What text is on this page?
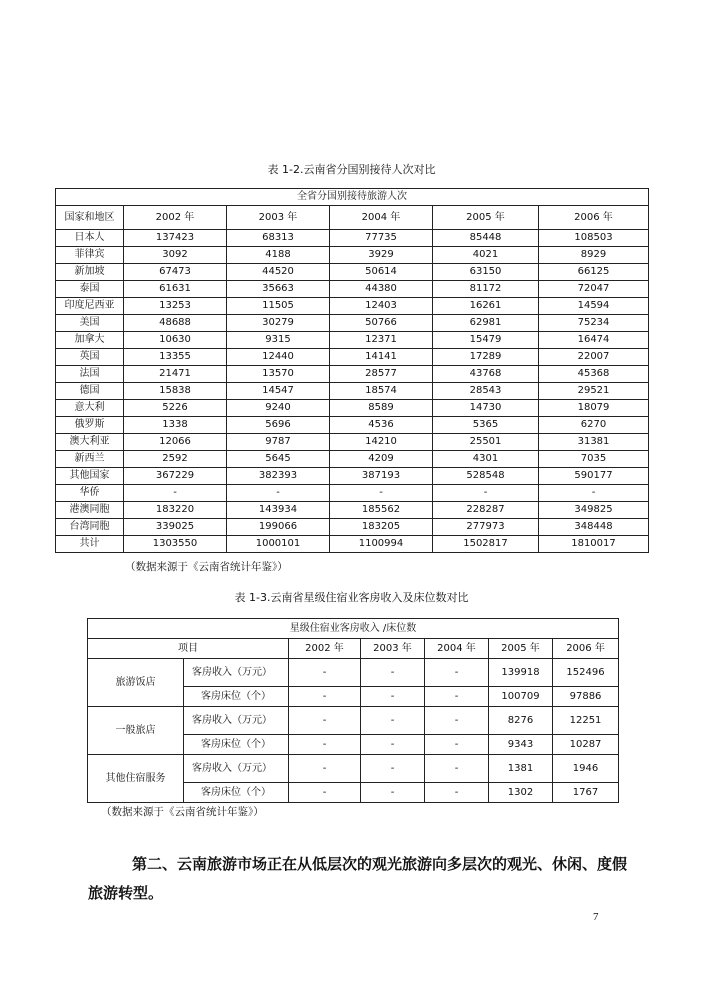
表 1-2.云南省分国别接待人次对比
全省分国别接待旅游人次					
国家和地区	2002 年	2003 年	2004 年	2005 年	2006 年
日本人	137423	68313	77735	85448	108503
菲律宾	3092	4188	3929	4021	8929
新加坡	67473	44520	50614	63150	66125
泰国	61631	35663	44380	81172	72047
印度尼西亚	13253	11505	12403	16261	14594
美国	48688	30279	50766	62981	75234
加拿大	10630	9315	12371	15479	16474
英国	13355	12440	14141	17289	22007
法国	21471	13570	28577	43768	45368
德国	15838	14547	18574	28543	29521
意大利	5226	9240	8589	14730	18079
俄罗斯	1338	5696	4536	5365	6270
澳大利亚	12066	9787	14210	25501	31381
新西兰	2592	5645	4209	4301	7035
其他国家	367229	382393	387193	528548	590177
华侨	-	-	-	-	-
港澳同胞	183220	143934	185562	228287	349825
台湾同胞	339025	199066	183205	277973	348448
共计	1303550	1000101	1100994	1502817	1810017
（数据来源于《云南省统计年鉴》）
表 1-3.云南省星级住宿业客房收入及床位数对比
星级住宿业客房收入 /床位数						
项目		2002 年	2003 年	2004 年	2005 年	2006 年
旅游饭店	客房收入（万元）	-	-	-	139918	152496
	客房床位（个）	-	-	-	100709	97886
一般旅店	客房收入（万元）	-	-	-	8276	12251
	客房床位（个）	-	-	-	9343	10287
其他住宿服务	客房收入（万元）	-	-	-	1381	1946
	客房床位（个）	-	-	-	1302	1767
（数据来源于《云南省统计年鉴》）
第二、云南旅游市场正在从低层次的观光旅游向多层次的观光、休闲、度假旅游转型。
7
